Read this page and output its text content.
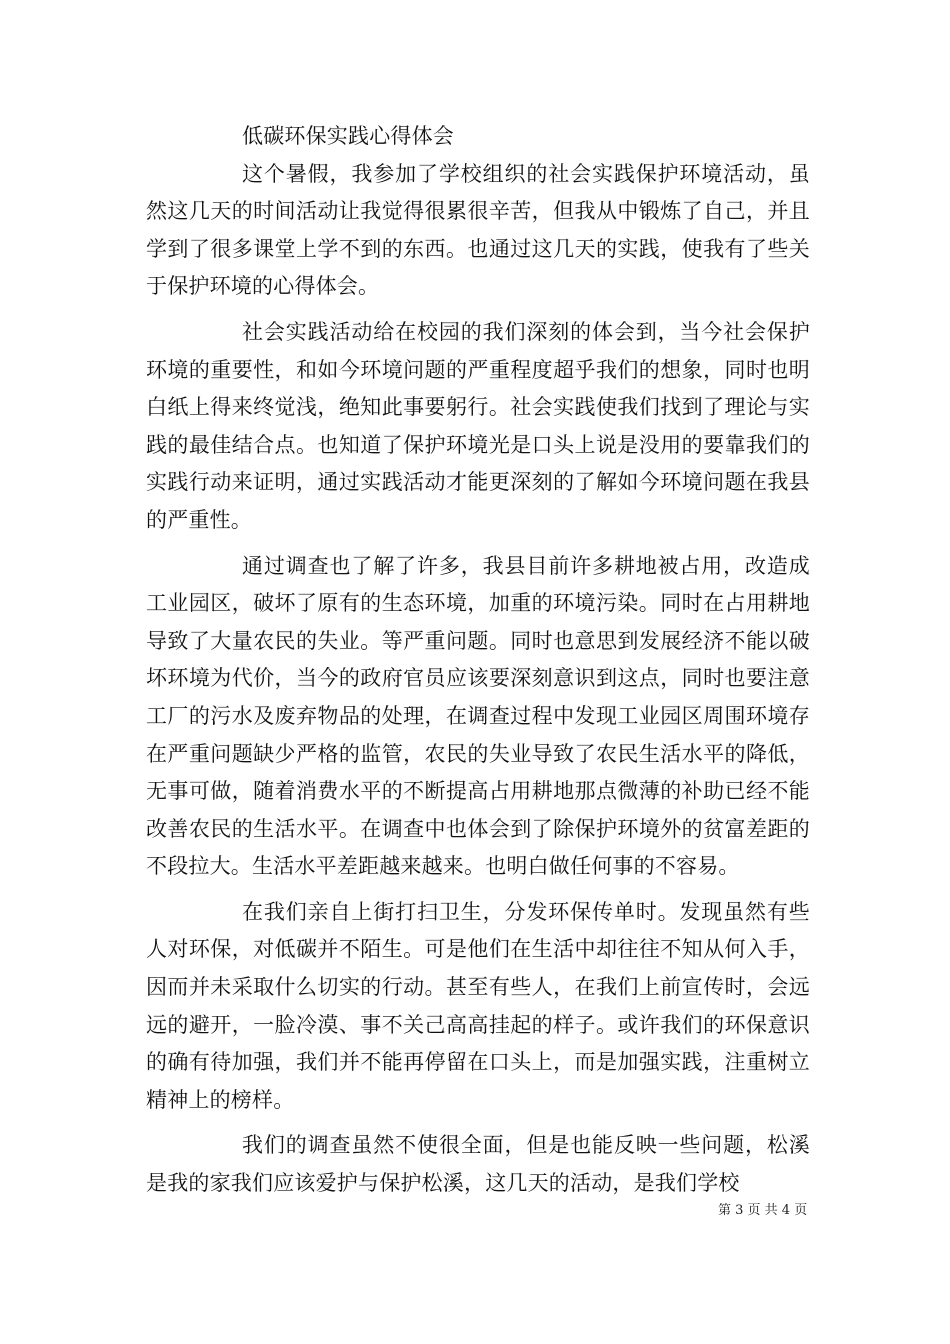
低碳环保实践心得体会

这个暑假，我参加了学校组织的社会实践保护环境活动，虽然这几天的时间活动让我觉得很累很辛苦，但我从中锻炼了自己，并且学到了很多课堂上学不到的东西。也通过这几天的实践，使我有了些关于保护环境的心得体会。

社会实践活动给在校园的我们深刻的体会到，当今社会保护环境的重要性，和如今环境问题的严重程度超乎我们的想象，同时也明白纸上得来终觉浅，绝知此事要躬行。社会实践使我们找到了理论与实践的最佳结合点。也知道了保护环境光是口头上说是没用的要靠我们的实践行动来证明，通过实践活动才能更深刻的了解如今环境问题在我县的严重性。

通过调查也了解了许多，我县目前许多耕地被占用，改造成工业园区，破坏了原有的生态环境，加重的环境污染。同时在占用耕地导致了大量农民的失业。等严重问题。同时也意思到发展经济不能以破坏环境为代价，当今的政府官员应该要深刻意识到这点，同时也要注意工厂的污水及废弃物品的处理，在调查过程中发现工业园区周围环境存在严重问题缺少严格的监管，农民的失业导致了农民生活水平的降低，无事可做，随着消费水平的不断提高占用耕地那点微薄的补助已经不能改善农民的生活水平。在调查中也体会到了除保护环境外的贫富差距的不段拉大。生活水平差距越来越来。也明白做任何事的不容易。

在我们亲自上街打扫卫生，分发环保传单时。发现虽然有些人对环保，对低碳并不陌生。可是他们在生活中却往往不知从何入手，因而并未采取什么切实的行动。甚至有些人，在我们上前宣传时，会远远的避开，一脸冷漠、事不关己高高挂起的样子。或许我们的环保意识的确有待加强，我们并不能再停留在口头上，而是加强实践，注重树立精神上的榜样。

我们的调查虽然不使很全面，但是也能反映一些问题，松溪是我的家我们应该爱护与保护松溪，这几天的活动，是我们学校

第 3 页 共 4 页
